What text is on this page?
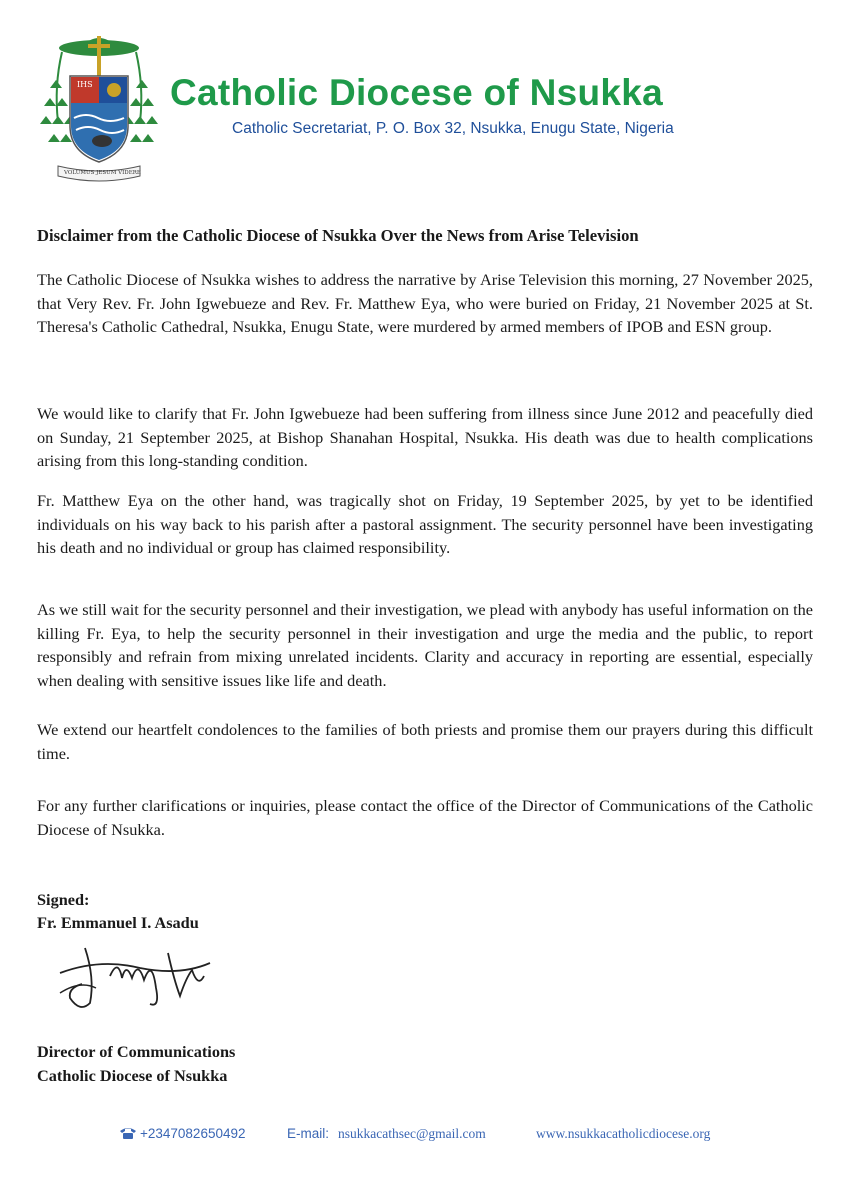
IHS
VOLUMUS JESUM VIDERE
Catholic Diocese of Nsukka
Catholic Secretariat, P. O. Box 32, Nsukka, Enugu State, Nigeria
Disclaimer from the Catholic Diocese of Nsukka Over the News from Arise Television

The Catholic Diocese of Nsukka wishes to address the narrative by Arise Television this morning, 27 November 2025, that Very Rev. Fr. John Igwebueze and Rev. Fr. Matthew Eya, who were buried on Friday, 21 November 2025 at St. Theresa's Catholic Cathedral, Nsukka, Enugu State, were murdered by armed members of IPOB and ESN group.

We would like to clarify that Fr. John Igwebueze had been suffering from illness since June 2012 and peacefully died on Sunday, 21 September 2025, at Bishop Shanahan Hospital, Nsukka. His death was due to health complications arising from this long-standing condition.

Fr. Matthew Eya on the other hand, was tragically shot on Friday, 19 September 2025, by yet to be identified individuals on his way back to his parish after a pastoral assignment. The security personnel have been investigating his death and no individual or group has claimed responsibility.

As we still wait for the security personnel and their investigation, we plead with anybody has useful information on the killing Fr. Eya, to help the security personnel in their investigation and urge the media and the public, to report responsibly and refrain from mixing unrelated incidents. Clarity and accuracy in reporting are essential, especially when dealing with sensitive issues like life and death.

We extend our heartfelt condolences to the families of both priests and promise them our prayers during this difficult time.

For any further clarifications or inquiries, please contact the office of the Director of Communications of the Catholic Diocese of Nsukka.

Signed:
Fr. Emmanuel I. Asadu
Director of Communications
Catholic Diocese of Nsukka
+2347082650492	E-mail: nsukkacathsec@gmail.com	www.nsukkacatholicdiocese.org
